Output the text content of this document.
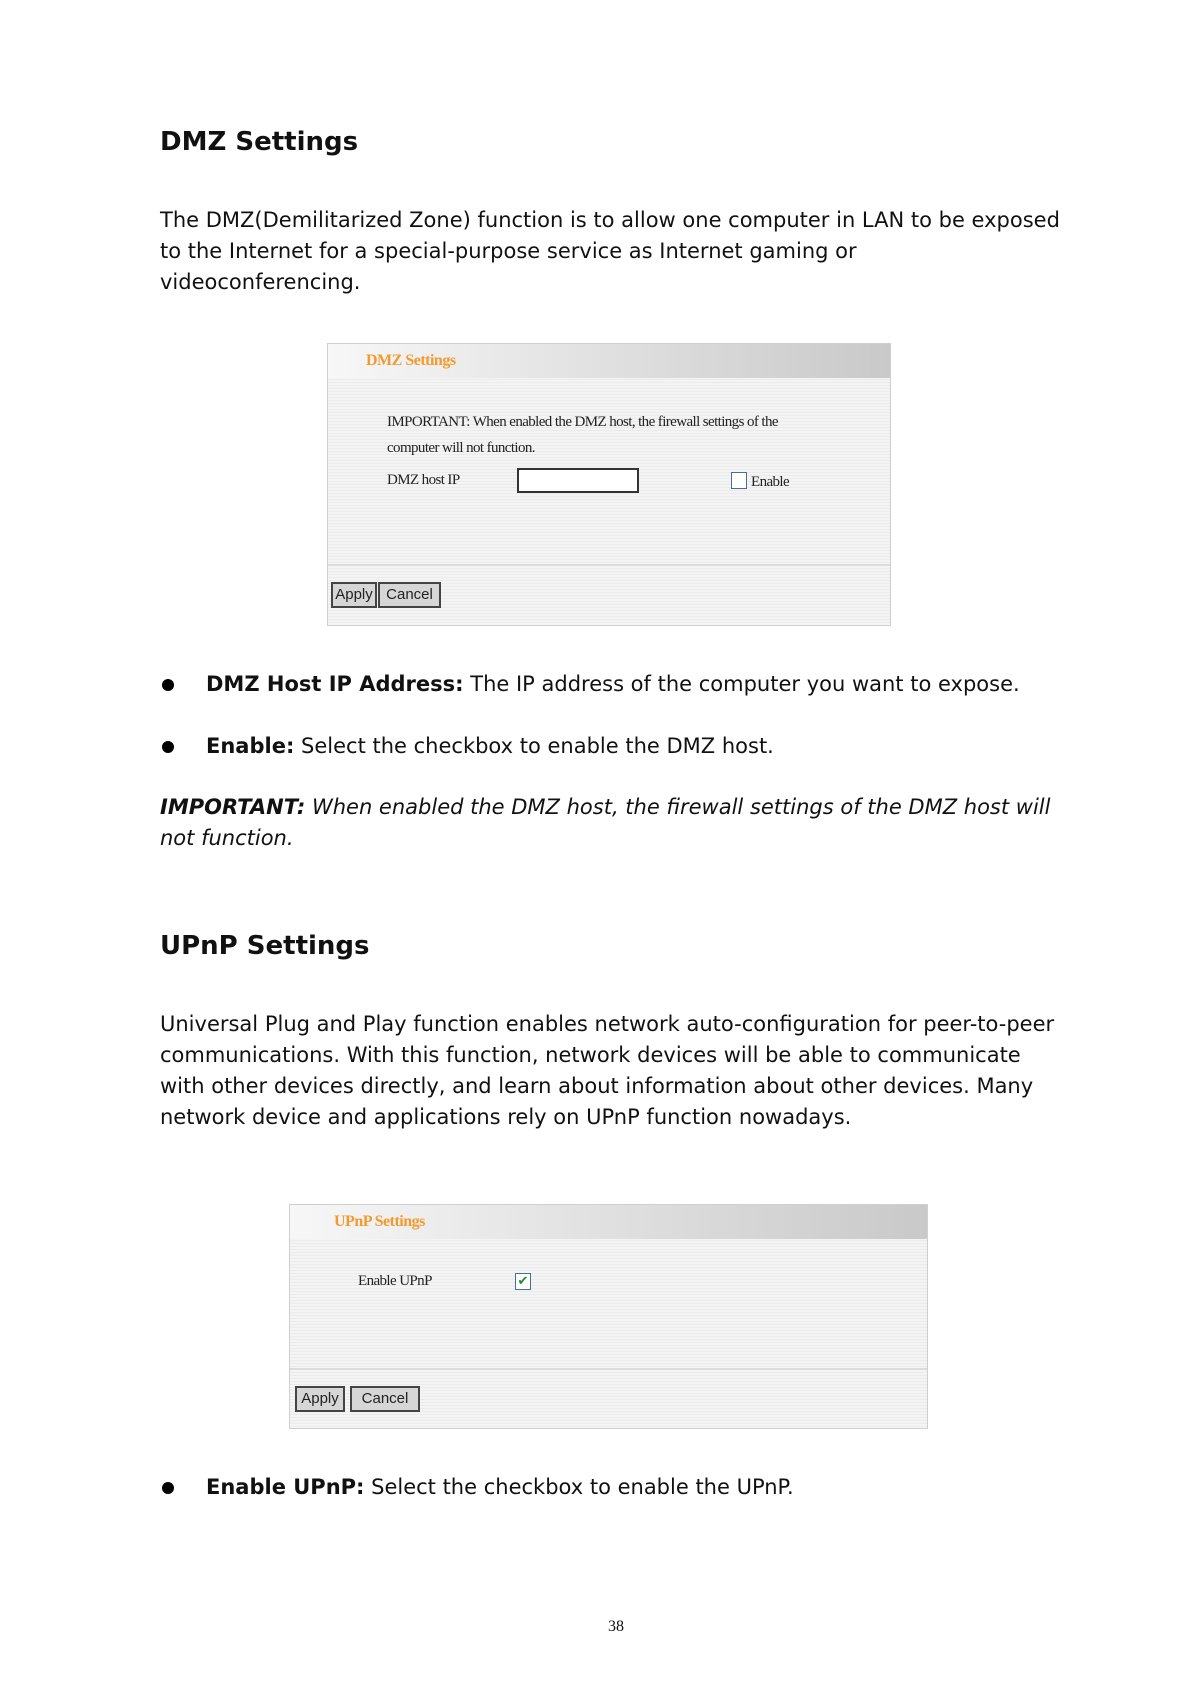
DMZ Settings

The DMZ(Demilitarized Zone) function is to allow one computer in LAN to be exposed to the Internet for a special-purpose service as Internet gaming or videoconferencing.

DMZ Settings
IMPORTANT: When enabled the DMZ host, the firewall settings of the
computer will not function.
DMZ host IP	Enable
Apply Cancel
DMZ Host IP Address: The IP address of the computer you want to expose.
Enable: Select the checkbox to enable the DMZ host.

IMPORTANT: When enabled the DMZ host, the firewall settings of the DMZ host will not function.

UPnP Settings

Universal Plug and Play function enables network auto-configuration for peer-to-peer communications. With this function, network devices will be able to communicate with other devices directly, and learn about information about other devices. Many network device and applications rely on UPnP function nowadays.

UPnP Settings
Enable UPnP	✔
Apply	Cancel
Enable UPnP: Select the checkbox to enable the UPnP.
38
